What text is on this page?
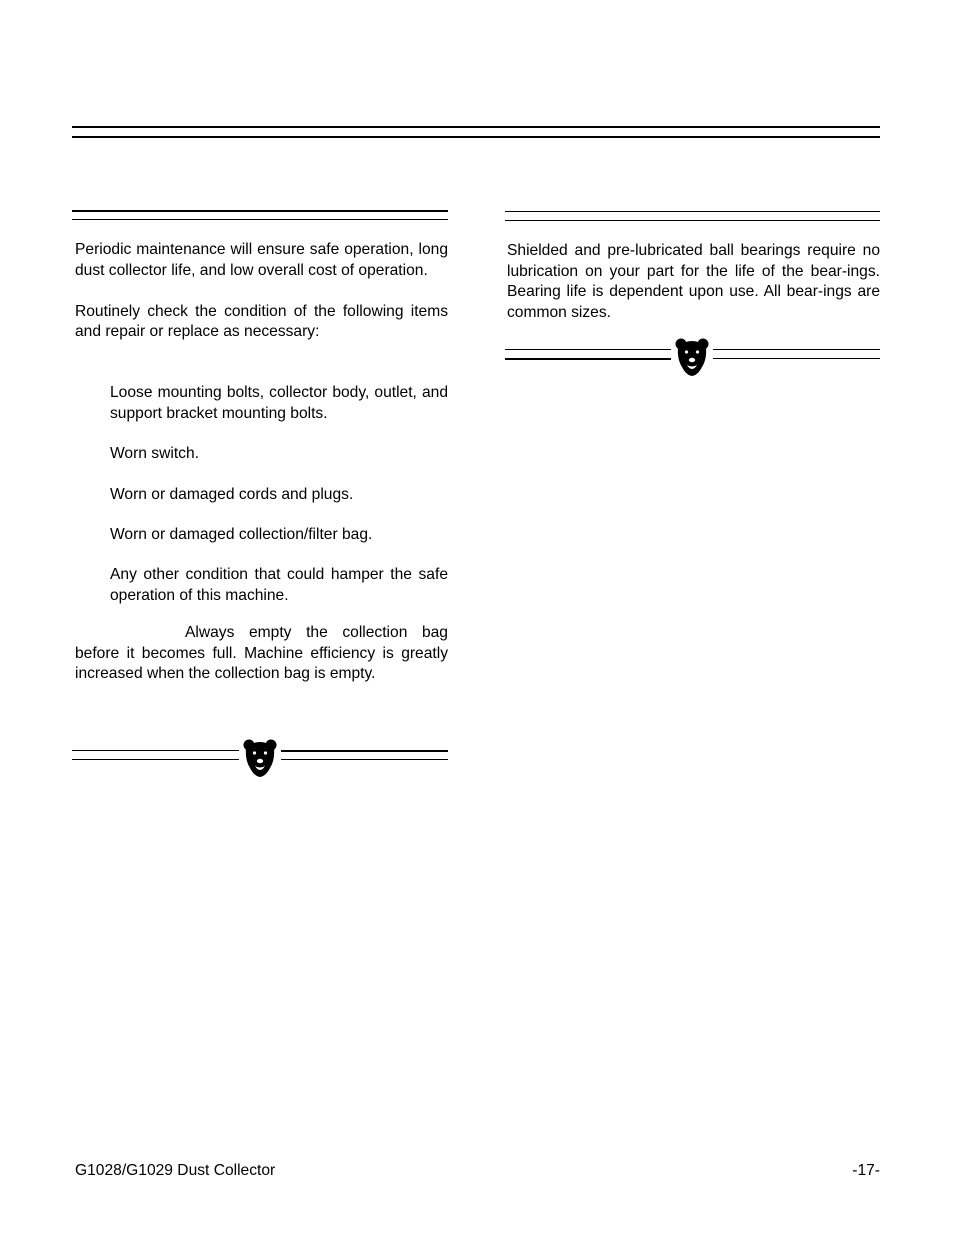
Periodic maintenance will ensure safe operation, long dust collector life, and low overall cost of operation.

Routinely check the condition of the following items and repair or replace as necessary:

Loose mounting bolts, collector body, outlet, and support bracket mounting bolts.
Worn switch.
Worn or damaged cords and plugs.
Worn or damaged collection/filter bag.
Any other condition that could hamper the safe operation of this machine.

Always empty the collection bag before it becomes full. Machine efficiency is greatly increased when the collection bag is empty.

Shielded and pre-lubricated ball bearings require no lubrication on your part for the life of the bear-ings. Bearing life is dependent upon use. All bear-ings are common sizes.

G1028/G1029 Dust Collector	-17-
